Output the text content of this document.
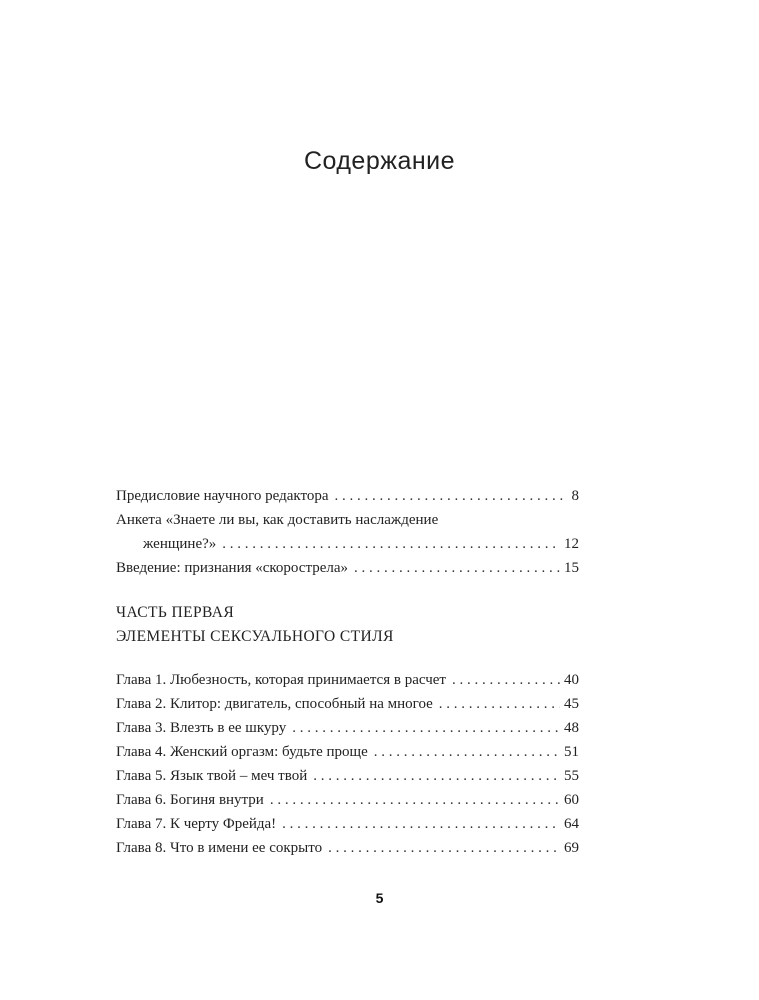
Содержание
Предисловие научного редактора . . .	8
Анкета «Знаете ли вы, как доставить наслаждение
женщине?» . . .	12
Введение: признания «скорострела» . . .	15

ЧАСТЬ ПЕРВАЯ

ЭЛЕМЕНТЫ СЕКСУАЛЬНОГО СТИЛЯ

Глава 1. Любезность, которая принимается в расчет . . .	40
Глава 2. Клитор: двигатель, способный на многое . . .	45
Глава 3. Влезть в ее шкуру . . .	48
Глава 4. Женский оргазм: будьте проще . . .	51
Глава 5. Язык твой – меч твой . . .	55
Глава 6. Богиня внутри . . .	60
Глава 7. К черту Фрейда! . . .	64
Глава 8. Что в имени ее сокрыто . . .	69
5
